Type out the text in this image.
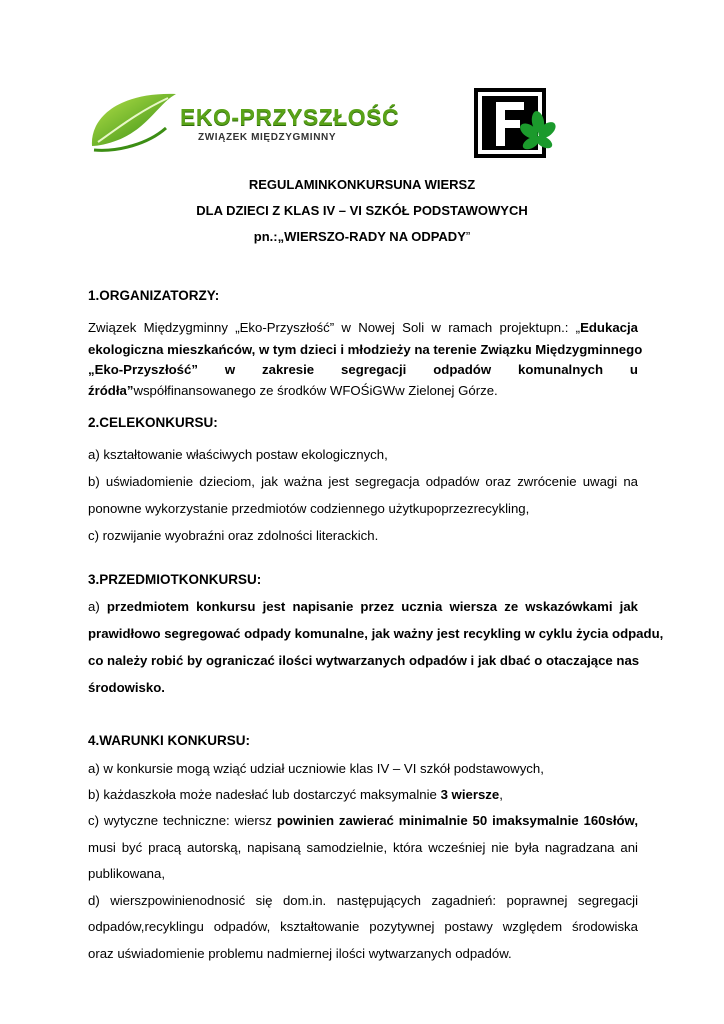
EKO-PRZYSZŁOŚĆ
ZWIĄZEK MIĘDZYGMINNY
REGULAMINKONKURSUNA WIERSZ
DLA DZIECI Z KLAS IV – VI SZKÓŁ PODSTAWOWYCH
pn.:„WIERSZO-RADY NA ODPADY”
1.ORGANIZATORZY:
Związek Międzygminny „Eko-Przyszłość” w Nowej Soli w ramach projektupn.: „Edukacja
ekologiczna mieszkańców, w tym dzieci i młodzieży na terenie Związku Międzygminnego
„Eko-Przyszłość” w zakresie segregacji odpadów komunalnych u
źródła”współfinansowanego ze środków WFOŚiGWw Zielonej Górze.
2.CELEKONKURSU:
a) kształtowanie właściwych postaw ekologicznych,
b) uświadomienie dzieciom, jak ważna jest segregacja odpadów oraz zwrócenie uwagi na
ponowne wykorzystanie przedmiotów codziennego użytkupoprzezrecykling,
c) rozwijanie wyobraźni oraz zdolności literackich.
3.PRZEDMIOTKONKURSU:
a) przedmiotem konkursu jest napisanie przez ucznia wiersza ze wskazówkami jak
prawidłowo segregować odpady komunalne, jak ważny jest recykling w cyklu życia odpadu,
co należy robić by ograniczać ilości wytwarzanych odpadów i jak dbać o otaczające nas
środowisko.
4.WARUNKI KONKURSU:
a) w konkursie mogą wziąć udział uczniowie klas IV – VI szkół podstawowych,
b) każdaszkoła może nadesłać lub dostarczyć maksymalnie 3 wiersze,
c) wytyczne techniczne: wiersz powinien zawierać minimalnie 50 imaksymalnie 160słów,
musi być pracą autorską, napisaną samodzielnie, która wcześniej nie była nagradzana ani
publikowana,
d) wierszpowinienodnosić się dom.in. następujących zagadnień: poprawnej segregacji
odpadów,recyklingu odpadów, kształtowanie pozytywnej postawy względem środowiska
oraz uświadomienie problemu nadmiernej ilości wytwarzanych odpadów.
